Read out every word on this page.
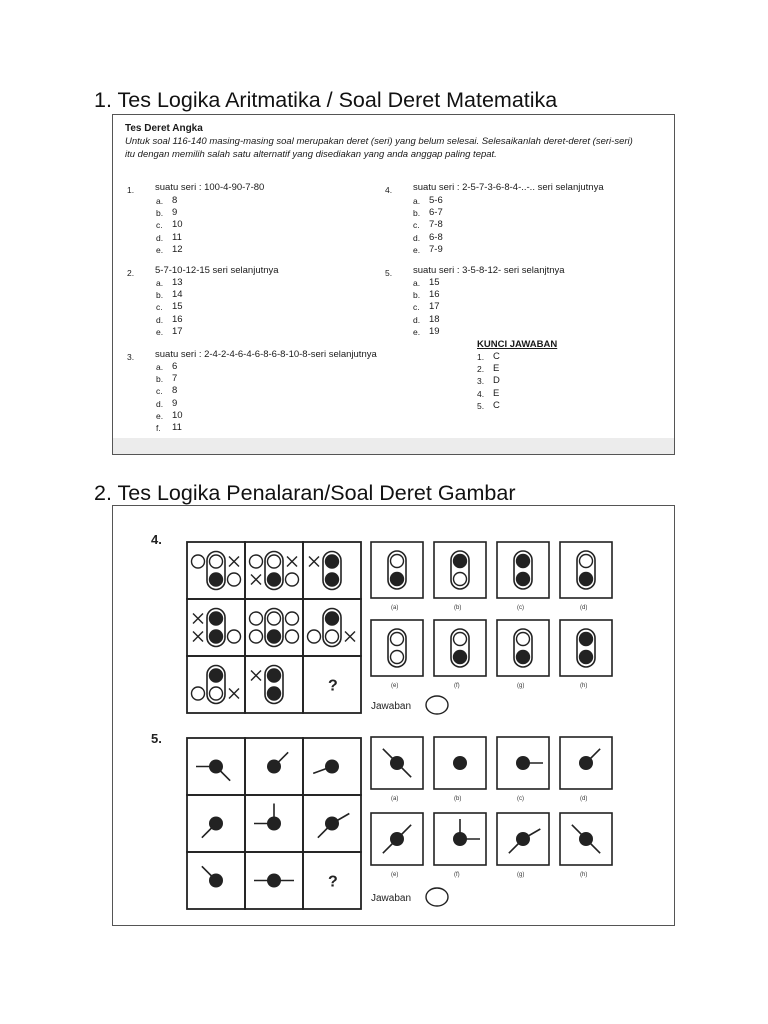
1. Tes Logika Aritmatika / Soal Deret Matematika
Tes Deret Angka
Untuk soal 116-140 masing-masing soal merupakan deret (seri) yang belum selesai. Selesaikanlah deret-deret (seri-seri) itu dengan memilih salah satu alternatif yang disediakan yang anda anggap paling tepat.
1. suatu seri : 100-4-90-7-80
a. 8
b. 9
c. 10
d. 11
e. 12
2. 5-7-10-12-15 seri selanjutnya
a. 13
b. 14
c. 15
d. 16
e. 17
3. suatu seri : 2-4-2-4-6-4-6-8-6-8-10-8-seri selanjutnya
a. 6
b. 7
c. 8
d. 9
e. 10
f.	11
4. suatu seri : 2-5-7-3-6-8-4-..-.. seri selanjutnya
a. 5-6
b. 6-7
c. 7-8
d. 6-8
e. 7-9
5. suatu seri : 3-5-8-12- seri selanjtnya
a. 15
b. 16
c. 17
d. 18
e. 19
KUNCI JAWABAN
1. C
2. E
3. D
4. E
5. C
2. Tes Logika Penalaran/Soal Deret Gambar
4.
5.
?
(a)	(b)	(c)	(d)
(e)	(f)	(g)	(h)
Jawaban
?
(a)	(b)	(c)	(d)
(e)	(f)	(g)	(h)
Jawaban
